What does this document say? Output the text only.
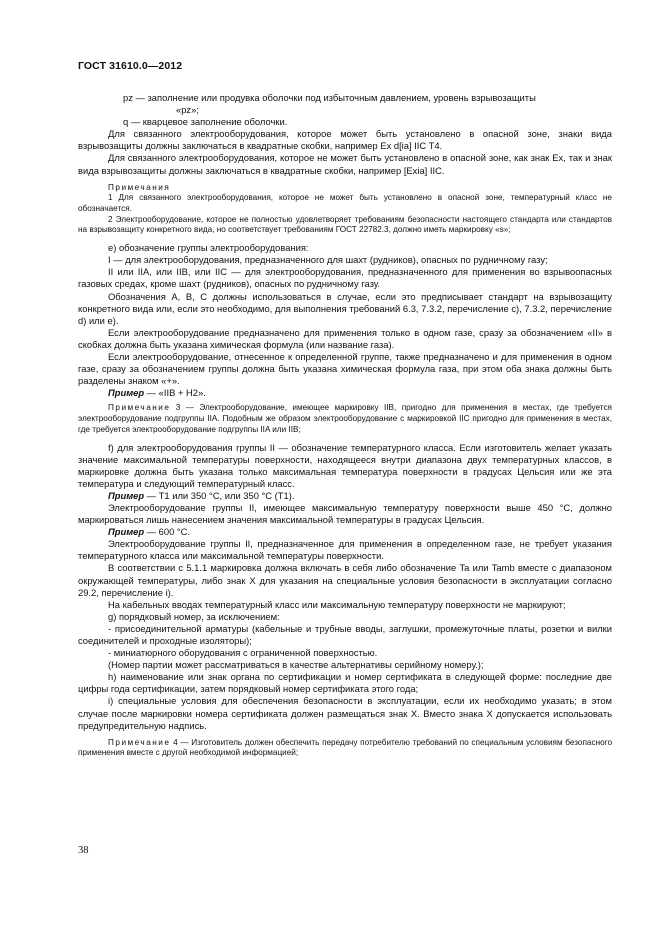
ГОСТ 31610.0—2012

pz — заполнение или продувка оболочки под избыточным давлением, уровень взрывозащиты

«pz»;

q — кварцевое заполнение оболочки.

Для связанного электрооборудования, которое может быть установлено в опасной зоне, знаки вида взрывозащиты должны заключаться в квадратные скобки, например Ex d[ia] IIC T4.

Для связанного электрооборудования, которое не может быть установлено в опасной зоне, как знак Ex, так и знак вида взрывозащиты должны заключаться в квадратные скобки, например [Exia] IIC.

Примечания

1 Для связанного электрооборудования, которое не может быть установлено в опасной зоне, температурный класс не обозначается.

2 Электрооборудование, которое не полностью удовлетворяет требованиям безопасности настоящего стандарта или стандартов на взрывозащиту конкретного вида, но соответствует требованиям ГОСТ 22782.3, должно иметь маркировку «s»;

e) обозначение группы электрооборудования:

I — для электрооборудования, предназначенного для шахт (рудников), опасных по рудничному газу;

II или IIA, или IIB, или IIC — для электрооборудования, предназначенного для применения во взрывоопасных газовых средах, кроме шахт (рудников), опасных по рудничному газу.

Обозначения A, B, C должны использоваться в случае, если это предписывает стандарт на взрывозащиту конкретного вида или, если это необходимо, для выполнения требований 6.3, 7.3.2, перечисление c), 7.3.2, перечисление d) или e).

Если электрооборудование предназначено для применения только в одном газе, сразу за обозначением «II» в скобках должна быть указана химическая формула (или название газа).

Если электрооборудование, отнесенное к определенной группе, также предназначено и для применения в одном газе, сразу за обозначением группы должна быть указана химическая формула газа, при этом оба знака должны быть разделены знаком «+».

Пример — «IIB + H2».

Примечание 3 — Электрооборудование, имеющее маркировку IIB, пригодно для применения в местах, где требуется электрооборудование подгруппы IIA. Подобным же образом электрооборудование с маркировкой IIC пригодно для применения в местах, где требуется электрооборудование подгруппы IIA или IIB;

f) для электрооборудования группы II — обозначение температурного класса. Если изготовитель желает указать значение максимальной температуры поверхности, находящееся внутри диапазона двух температурных классов, в маркировке должна быть указана только максимальная температура поверхности в градусах Цельсия или же эта температура и следующий температурный класс.

Пример — T1 или 350 °C, или 350 °C (T1).

Электрооборудование группы II, имеющее максимальную температуру поверхности выше 450 °C, должно маркироваться лишь нанесением значения максимальной температуры в градусах Цельсия.

Пример — 600 °C.

Электрооборудование группы II, предназначенное для применения в определенном газе, не требует указания температурного класса или максимальной температуры поверхности.

В соответствии с 5.1.1 маркировка должна включать в себя либо обозначение Ta или Tamb вместе с диапазоном окружающей температуры, либо знак X для указания на специальные условия безопасности в эксплуатации согласно 29.2, перечисление i).

На кабельных вводах температурный класс или максимальную температуру поверхности не маркируют;

g) порядковый номер, за исключением:

- присоединительной арматуры (кабельные и трубные вводы, заглушки, промежуточные платы, розетки и вилки соединителей и проходные изоляторы);

- миниатюрного оборудования с ограниченной поверхностью.

(Номер партии может рассматриваться в качестве альтернативы серийному номеру.);

h) наименование или знак органа по сертификации и номер сертификата в следующей форме: последние две цифры года сертификации, затем порядковый номер сертификата этого года;

i) специальные условия для обеспечения безопасности в эксплуатации, если их необходимо указать; в этом случае после маркировки номера сертификата должен размещаться знак X. Вместо знака X допускается использовать предупредительную надпись.

Примечание 4 — Изготовитель должен обеспечить передачу потребителю требований по специальным условиям безопасного применения вместе с другой необходимой информацией;

38
